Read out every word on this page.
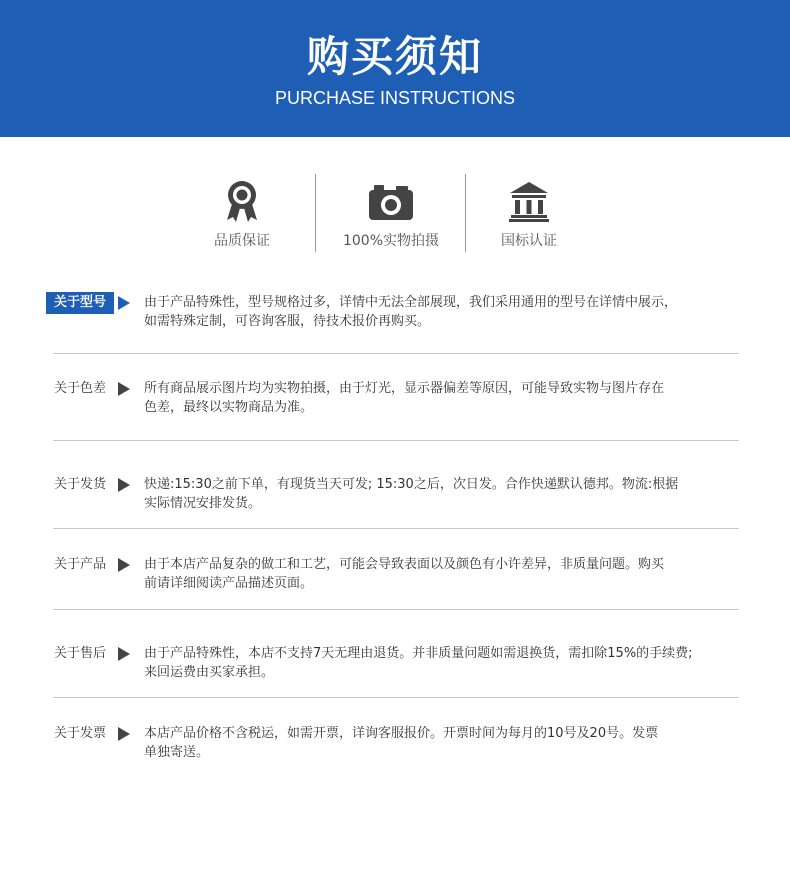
购买须知
PURCHASE INSTRUCTIONS
品质保证	100%实物拍摄	国标认证
关于型号	由于产品特殊性，型号规格过多，详情中无法全部展现，我们采用通用的型号在详情中展示，
如需特殊定制，可咨询客服，待技术报价再购买。
关于色差	所有商品展示图片均为实物拍摄，由于灯光，显示器偏差等原因，可能导致实物与图片存在
色差，最终以实物商品为准。
关于发货	快递:15:30之前下单，有现货当天可发; 15:30之后，次日发。合作快递默认德邦。物流:根据
实际情况安排发货。
关于产品	由于本店产品复杂的做工和工艺，可能会导致表面以及颜色有小许差异，非质量问题。购买
前请详细阅读产品描述页面。
关于售后	由于产品特殊性，本店不支持7天无理由退货。并非质量问题如需退换货，需扣除15%的手续费;
来回运费由买家承担。
关于发票	本店产品价格不含税运，如需开票，详询客服报价。开票时间为每月的10号及20号。发票
单独寄送。
